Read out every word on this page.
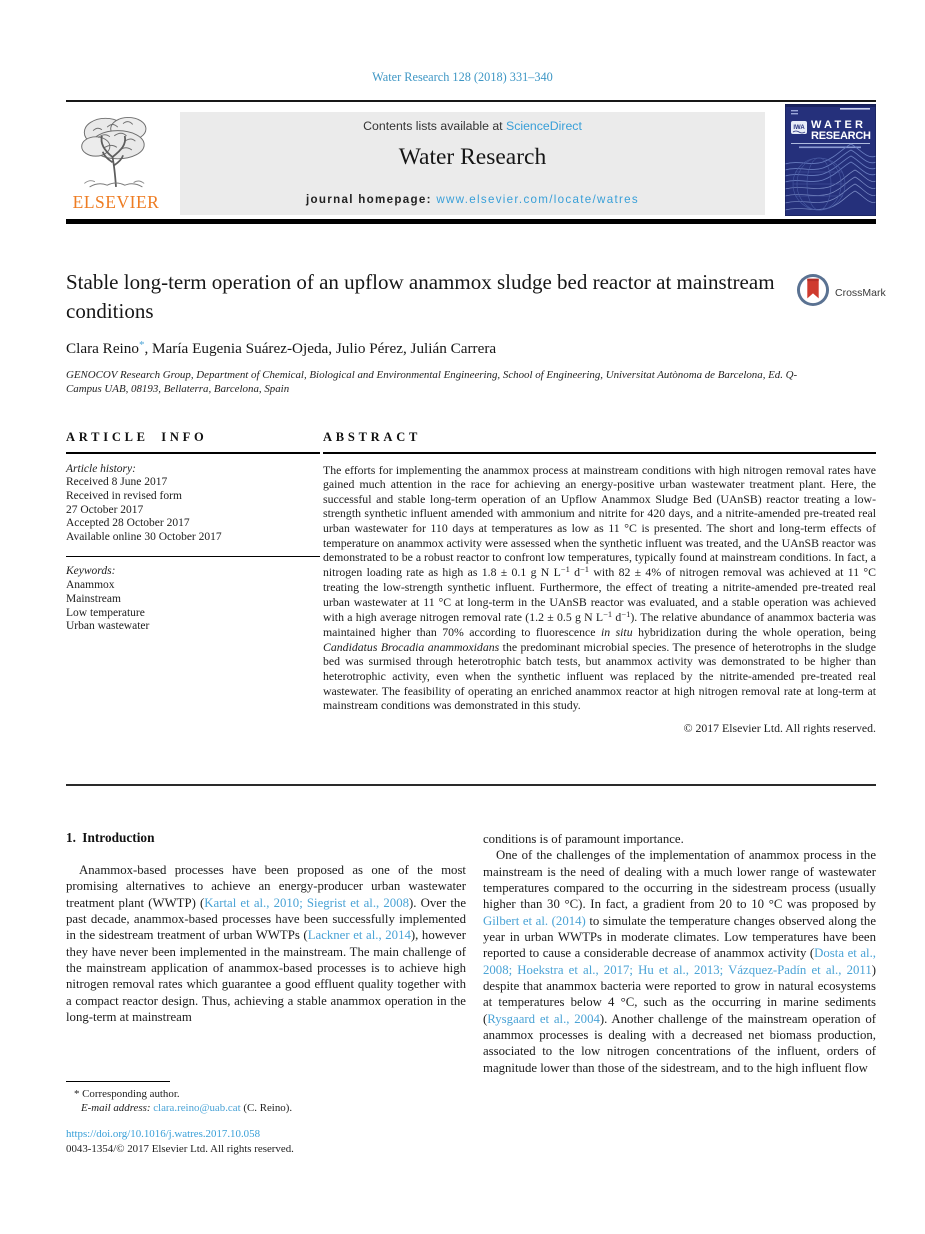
Water Research 128 (2018) 331–340
ELSEVIER
Contents lists available at ScienceDirect
Water Research
journal homepage: www.elsevier.com/locate/watres
IWA WATER
RESEARCH
Stable long-term operation of an upflow anammox sludge bed reactor at mainstream conditions
CrossMark
Clara Reino*, María Eugenia Suárez-Ojeda, Julio Pérez, Julián Carrera
GENOCOV Research Group, Department of Chemical, Biological and Environmental Engineering, School of Engineering, Universitat Autònoma de Barcelona, Ed. Q-Campus UAB, 08193, Bellaterra, Barcelona, Spain
ARTICLE INFO
Article history:
Received 8 June 2017
Received in revised form
27 October 2017
Accepted 28 October 2017
Available online 30 October 2017
Keywords:
Anammox
Mainstream
Low temperature
Urban wastewater
ABSTRACT

The efforts for implementing the anammox process at mainstream conditions with high nitrogen removal rates have gained much attention in the race for achieving an energy-positive urban wastewater treatment plant. Here, the successful and stable long-term operation of an Upflow Anammox Sludge Bed (UAnSB) reactor treating a low-strength synthetic influent amended with ammonium and nitrite for 420 days, and a nitrite-amended pre-treated real urban wastewater for 110 days at temperatures as low as 11 °C is presented. The short and long-term effects of temperature on anammox activity were assessed when the synthetic influent was treated, and the UAnSB reactor was demonstrated to be a robust reactor to confront low temperatures, typically found at mainstream conditions. In fact, a nitrogen loading rate as high as 1.8 ± 0.1 g N $L^{-1}$ $d^{-1}$ with 82 ± 4% of nitrogen removal was achieved at 11 °C treating the low-strength synthetic influent. Furthermore, the effect of treating a nitrite-amended pre-treated real urban wastewater at 11 °C at long-term in the UAnSB reactor was evaluated, and a stable operation was achieved with a high average nitrogen removal rate (1.2 ± 0.5 g N $L^{-1}$ $d^{-1}$). The relative abundance of anammox bacteria was maintained higher than 70% according to fluorescence in situ hybridization during the whole operation, being Candidatus Brocadia anammoxidans the predominant microbial species. The presence of heterotrophs in the sludge bed was surmised through heterotrophic batch tests, but anammox activity was demonstrated to be higher than heterotrophic activity, even when the synthetic influent was replaced by the nitrite-amended pre-treated real wastewater. The feasibility of operating an enriched anammox reactor at high nitrogen removal rate at long-term at mainstream conditions was demonstrated in this study.

© 2017 Elsevier Ltd. All rights reserved.
1. Introduction

Anammox-based processes have been proposed as one of the most promising alternatives to achieve an energy-producer urban wastewater treatment plant (WWTP) (Kartal et al., 2010; Siegrist et al., 2008). Over the past decade, anammox-based processes have been successfully implemented in the sidestream treatment of urban WWTPs (Lackner et al., 2014), however they have never been implemented in the mainstream. The main challenge of the mainstream application of anammox-based processes is to achieve high nitrogen removal rates which guarantee a good effluent quality together with a compact reactor design. Thus, achieving a stable anammox operation in the long-term at mainstream

conditions is of paramount importance.

One of the challenges of the implementation of anammox process in the mainstream is the need of dealing with a much lower range of wastewater temperatures compared to the occurring in the sidestream process (usually higher than 30 °C). In fact, a gradient from 20 to 10 °C was proposed by Gilbert et al. (2014) to simulate the temperature changes observed along the year in urban WWTPs in moderate climates. Low temperatures have been reported to cause a considerable decrease of anammox activity (Dosta et al., 2008; Hoekstra et al., 2017; Hu et al., 2013; Vázquez-Padín et al., 2011) despite that anammox bacteria were reported to grow in natural ecosystems at temperatures below 4 °C, such as the occurring in marine sediments (Rysgaard et al., 2004). Another challenge of the mainstream operation of anammox processes is dealing with a decreased net biomass production, associated to the low nitrogen concentrations of the influent, orders of magnitude lower than those of the sidestream, and to the high influent flow

* Corresponding author.
E-mail address: clara.reino@uab.cat (C. Reino).
https://doi.org/10.1016/j.watres.2017.10.058
0043-1354/© 2017 Elsevier Ltd. All rights reserved.
